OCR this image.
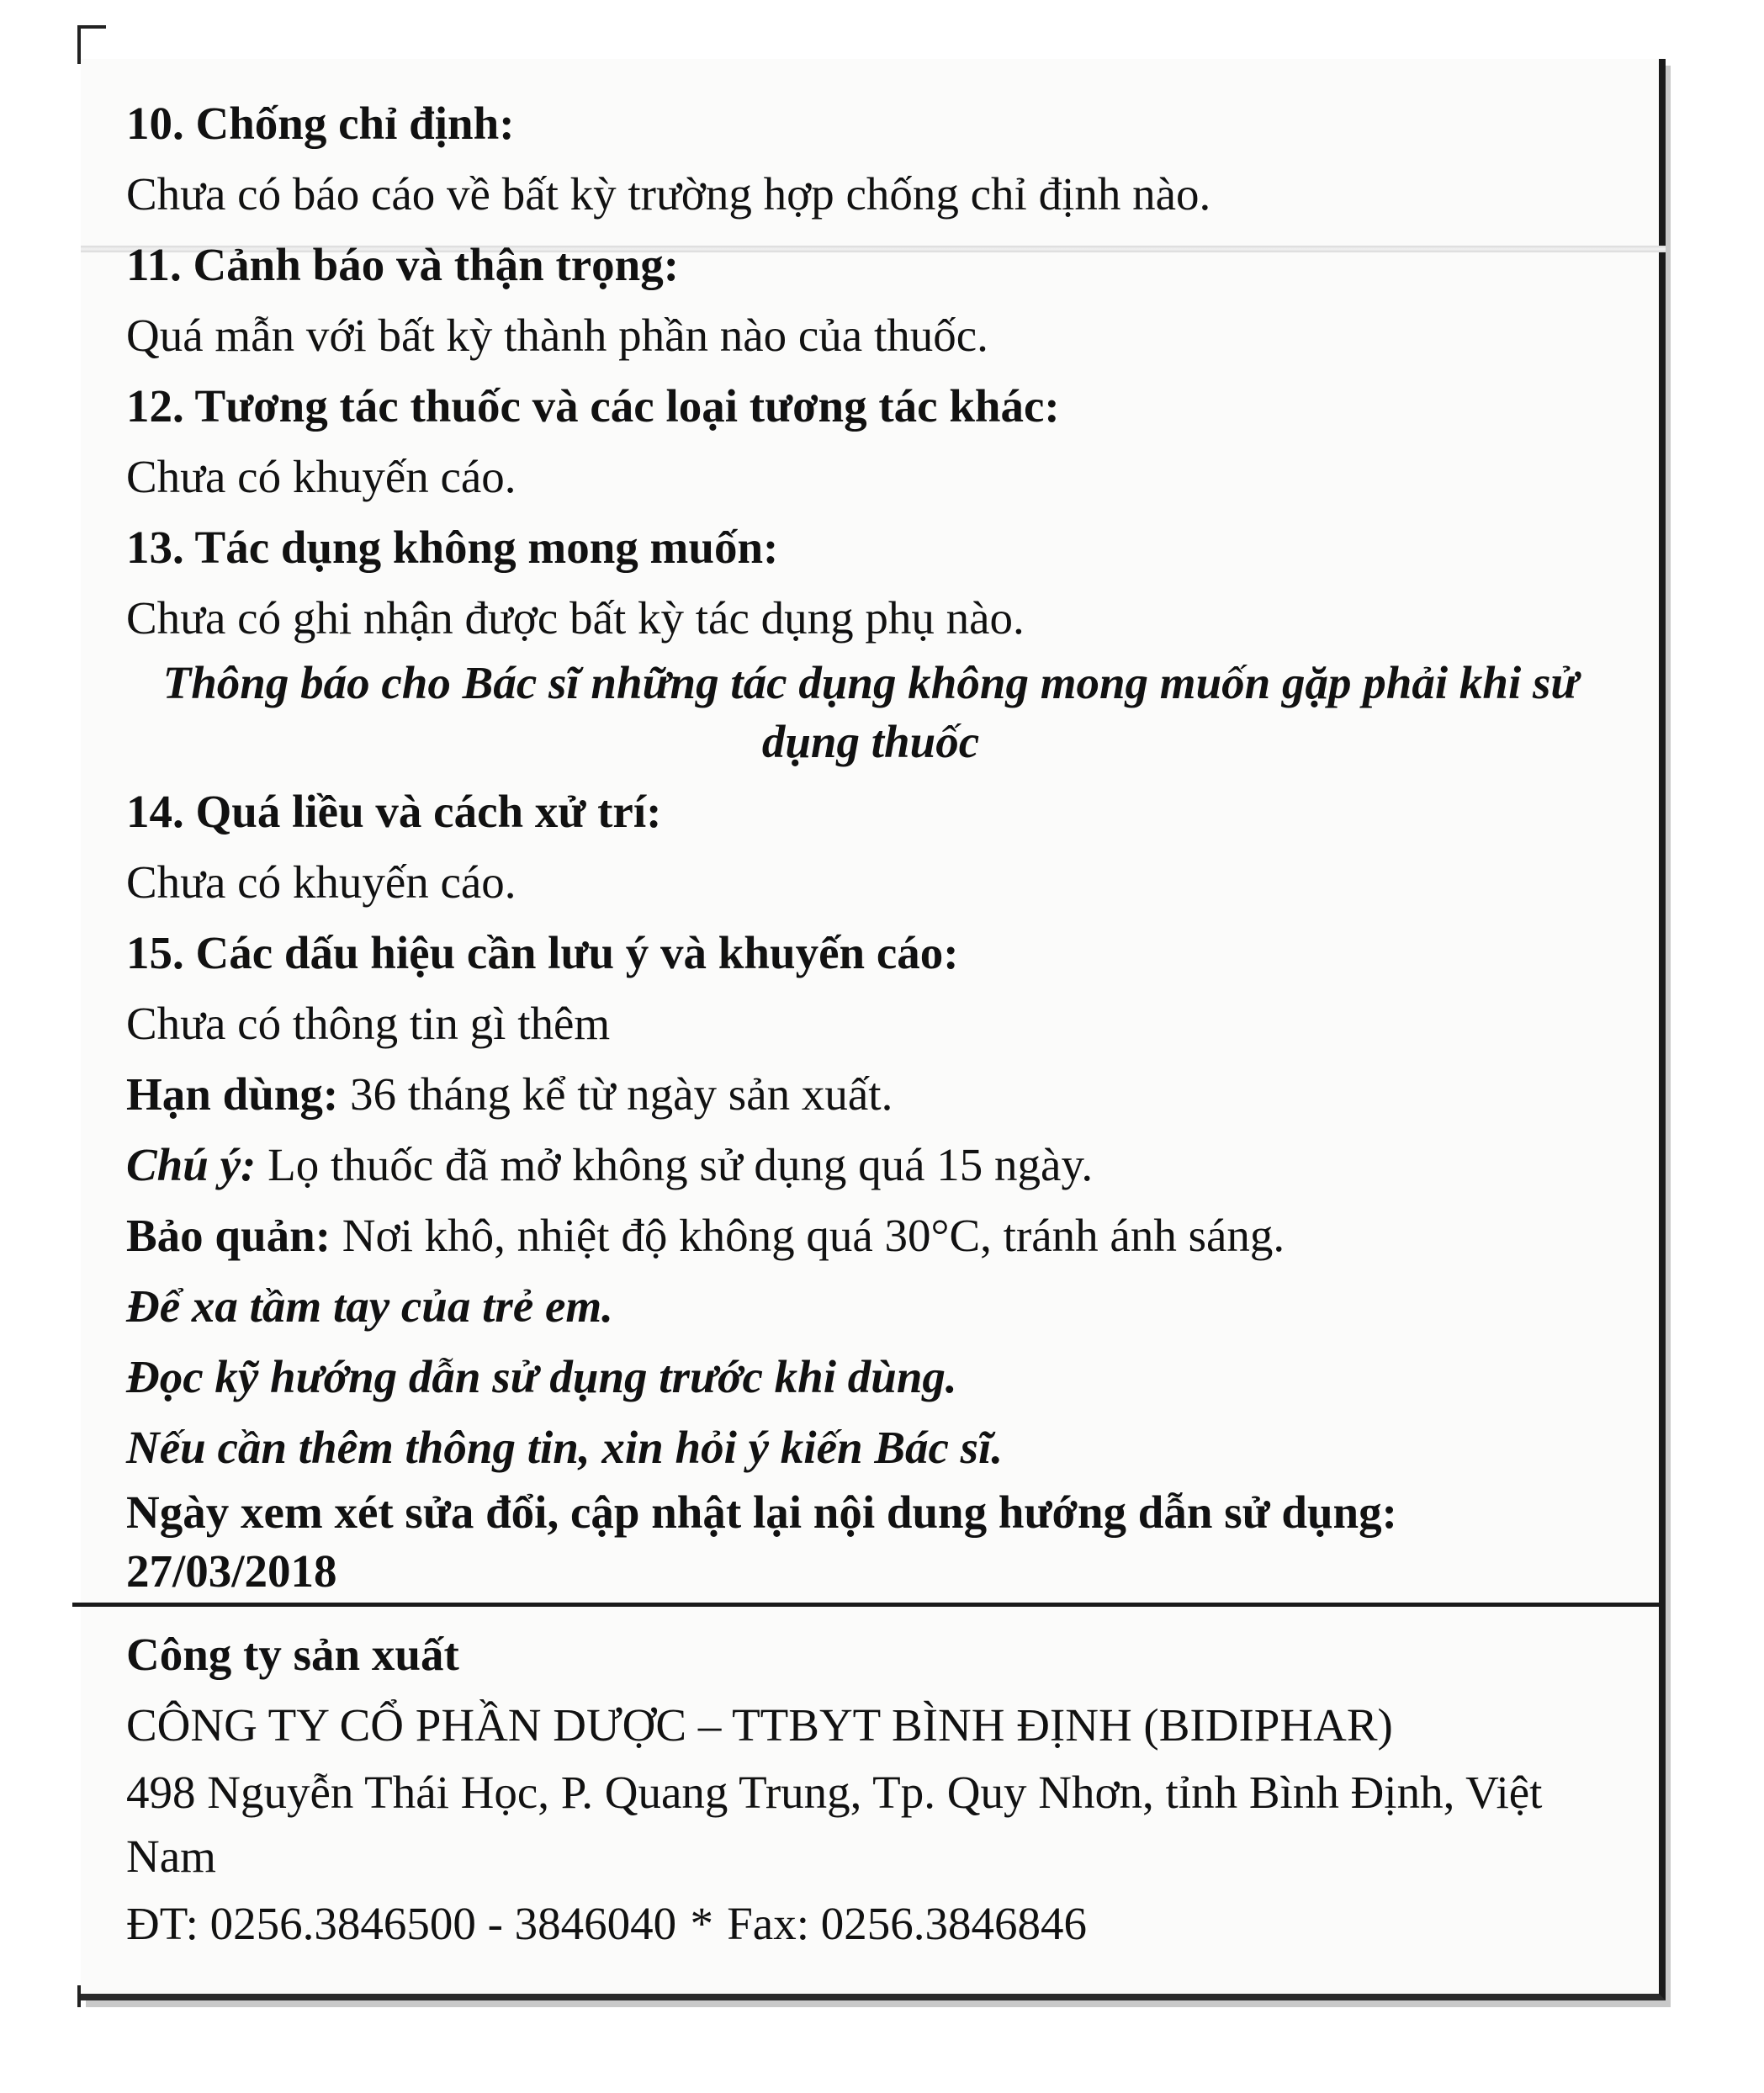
10. Chống chỉ định:
Chưa có báo cáo về bất kỳ trường hợp chống chỉ định nào.
11. Cảnh báo và thận trọng:
Quá mẫn với bất kỳ thành phần nào của thuốc.
12. Tương tác thuốc và các loại tương tác khác:
Chưa có khuyến cáo.
13. Tác dụng không mong muốn:
Chưa có ghi nhận được bất kỳ tác dụng phụ nào.
Thông báo cho Bác sĩ những tác dụng không mong muốn gặp phải khi sử dụng thuốc
14. Quá liều và cách xử trí:
Chưa có khuyến cáo.
15. Các dấu hiệu cần lưu ý và khuyến cáo:
Chưa có thông tin gì thêm
Hạn dùng: 36 tháng kể từ ngày sản xuất.
Chú ý: Lọ thuốc đã mở không sử dụng quá 15 ngày.
Bảo quản: Nơi khô, nhiệt độ không quá 30°C, tránh ánh sáng.
Để xa tầm tay của trẻ em.
Đọc kỹ hướng dẫn sử dụng trước khi dùng.
Nếu cần thêm thông tin, xin hỏi ý kiến Bác sĩ.
Ngày xem xét sửa đổi, cập nhật lại nội dung hướng dẫn sử dụng:
27/03/2018
Công ty sản xuất
CÔNG TY CỔ PHẦN DƯỢC – TTBYT BÌNH ĐỊNH (BIDIPHAR)
498 Nguyễn Thái Học, P. Quang Trung, Tp. Quy Nhơn, tỉnh Bình Định, Việt Nam
ĐT: 0256.3846500 - 3846040 * Fax: 0256.3846846
